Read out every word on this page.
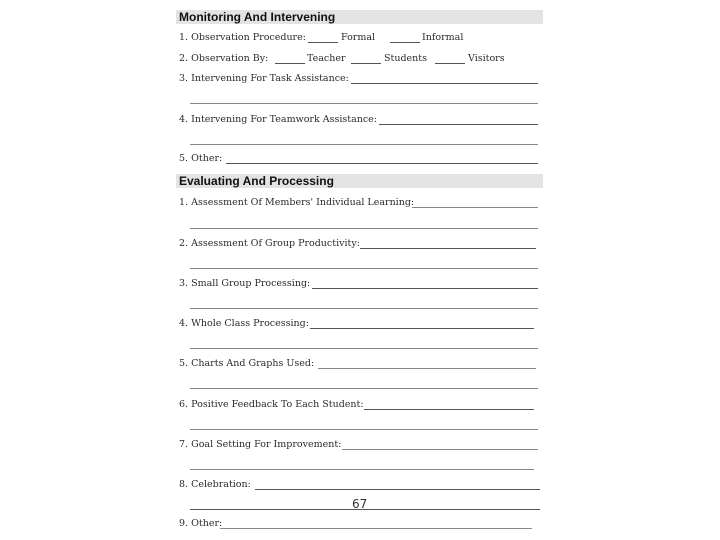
Monitoring And Intervening
1. Observation Procedure:	Formal	Informal
2. Observation By:	Teacher	Students	Visitors
3. Intervening For Task Assistance:
4. Intervening For Teamwork Assistance:
5. Other:
Evaluating And Processing
1. Assessment Of Members' Individual Learning:
2. Assessment Of Group Productivity:
3. Small Group Processing:
4. Whole Class Processing:
5. Charts And Graphs Used:
6. Positive Feedback To Each Student:
7. Goal Setting For Improvement:
8. Celebration:
9. Other:
67
